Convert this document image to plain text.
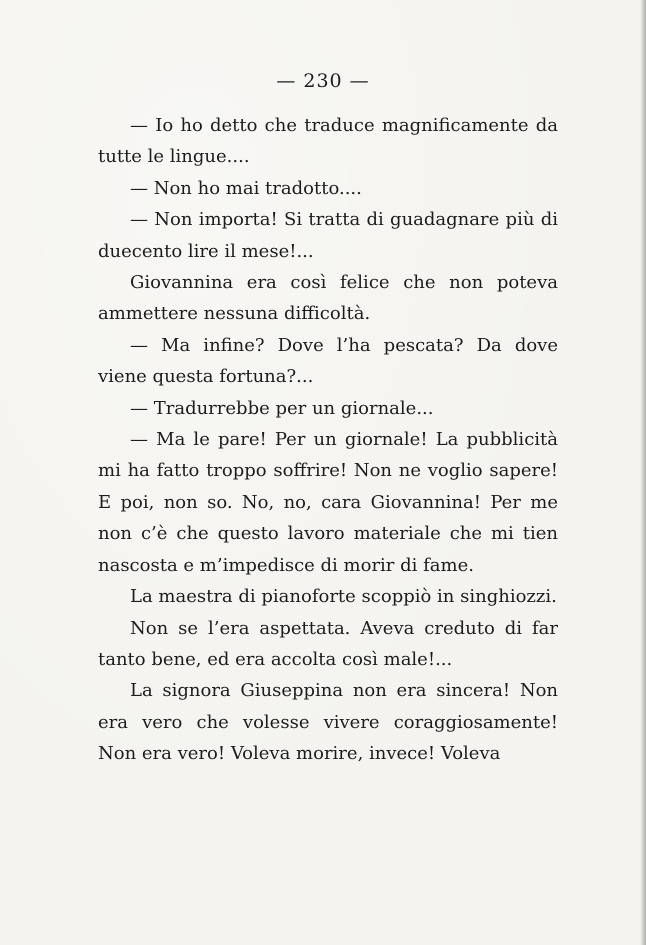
— 230 —

— Io ho detto che traduce magnificamente da tutte le lingue....

— Non ho mai tradotto....

— Non importa! Si tratta di guadagnare più di duecento lire il mese!...

Giovannina era così felice che non poteva ammettere nessuna difficoltà.

— Ma infine? Dove l’ha pescata? Da dove viene questa fortuna?...

— Tradurrebbe per un giornale...

— Ma le pare! Per un giornale! La pubblicità mi ha fatto troppo soffrire! Non ne voglio sapere! E poi, non so. No, no, cara Giovannina! Per me non c’è che questo lavoro materiale che mi tien nascosta e m’impedisce di morir di fame.

La maestra di pianoforte scoppiò in singhiozzi.

Non se l’era aspettata. Aveva creduto di far tanto bene, ed era accolta così male!...

La signora Giuseppina non era sincera! Non era vero che volesse vivere coraggiosamente! Non era vero! Voleva morire, invece! Voleva
